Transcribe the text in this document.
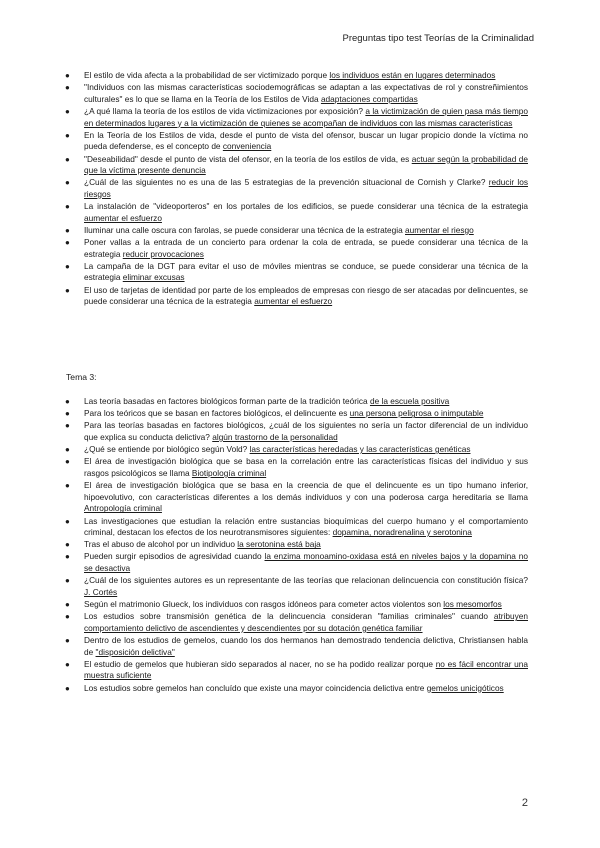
Preguntas tipo test Teorías de la Criminalidad
● El estilo de vida afecta a la probabilidad de ser victimizado porque los individuos están en lugares determinados
● "Individuos con las mismas características sociodemográficas se adaptan a las expectativas de rol y constreñimientos culturales" es lo que se llama en la Teoría de los Estilos de Vida adaptaciones compartidas
● ¿A qué llama la teoría de los estilos de vida victimizaciones por exposición? a la victimización de quien pasa más tiempo en determinados lugares y a la victimización de quienes se acompañan de individuos con las mismas características
● En la Teoría de los Estilos de vida, desde el punto de vista del ofensor, buscar un lugar propicio donde la víctima no pueda defenderse, es el concepto de conveniencia
● "Deseabilidad" desde el punto de vista del ofensor, en la teoría de los estilos de vida, es actuar según la probabilidad de que la víctima presente denuncia
● ¿Cuál de las siguientes no es una de las 5 estrategias de la prevención situacional de Cornish y Clarke? reducir los riesgos
● La instalación de "videoporteros" en los portales de los edificios, se puede considerar una técnica de la estrategia aumentar el esfuerzo
● Iluminar una calle oscura con farolas, se puede considerar una técnica de la estrategia aumentar el riesgo
● Poner vallas a la entrada de un concierto para ordenar la cola de entrada, se puede considerar una técnica de la estrategia reducir provocaciones
● La campaña de la DGT para evitar el uso de móviles mientras se conduce, se puede considerar una técnica de la estrategia eliminar excusas
● El uso de tarjetas de identidad por parte de los empleados de empresas con riesgo de ser atacadas por delincuentes, se puede considerar una técnica de la estrategia aumentar el esfuerzo
Tema 3:
● Las teoría basadas en factores biológicos forman parte de la tradición teórica de la escuela positiva
● Para los teóricos que se basan en factores biológicos, el delincuente es una persona peligrosa o inimputable
● Para las teorías basadas en factores biológicos, ¿cuál de los siguientes no sería un factor diferencial de un individuo que explica su conducta delictiva? algún trastorno de la personalidad
● ¿Qué se entiende por biológico según Vold? las características heredadas y las características genéticas
● El área de investigación biológica que se basa en la correlación entre las características físicas del individuo y sus rasgos psicológicos se llama Biotipología criminal
● El área de investigación biológica que se basa en la creencia de que el delincuente es un tipo humano inferior, hipoevolutivo, con características diferentes a los demás individuos y con una poderosa carga hereditaria se llama Antropología criminal
● Las investigaciones que estudian la relación entre sustancias bioquímicas del cuerpo humano y el comportamiento criminal, destacan los efectos de los neurotransmisores siguientes: dopamina, noradrenalina y serotonina
● Tras el abuso de alcohol por un individuo la serotonina está baja
● Pueden surgir episodios de agresividad cuando la enzima monoamino-oxidasa está en niveles bajos y la dopamina no se desactiva
● ¿Cuál de los siguientes autores es un representante de las teorías que relacionan delincuencia con constitución física? J. Cortés
● Según el matrimonio Glueck, los individuos con rasgos idóneos para cometer actos violentos son los mesomorfos
● Los estudios sobre transmisión genética de la delincuencia consideran "familias criminales" cuando atribuyen comportamiento delictivo de ascendientes y descendientes por su dotación genética familiar
● Dentro de los estudios de gemelos, cuando los dos hermanos han demostrado tendencia delictiva, Christiansen habla de "disposición delictiva"
● El estudio de gemelos que hubieran sido separados al nacer, no se ha podido realizar porque no es fácil encontrar una muestra suficiente
● Los estudios sobre gemelos han concluído que existe una mayor coincidencia delictiva entre gemelos unicigóticos
2
